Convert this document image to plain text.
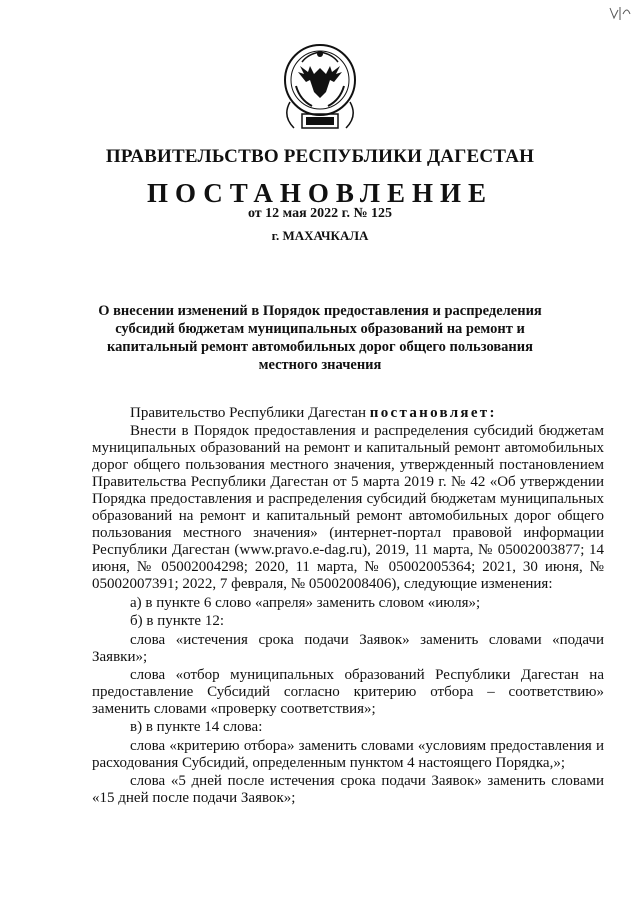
ПРАВИТЕЛЬСТВО РЕСПУБЛИКИ ДАГЕСТАН
ПОСТАНОВЛЕНИЕ
от 12 мая 2022 г. № 125
г. МАХАЧКАЛА
О внесении изменений в Порядок предоставления и распределения субсидий бюджетам муниципальных образований на ремонт и капитальный ремонт автомобильных дорог общего пользования местного значения

Правительство Республики Дагестан постановляет:

Внести в Порядок предоставления и распределения субсидий бюджетам муниципальных образований на ремонт и капитальный ремонт автомобильных дорог общего пользования местного значения, утвержденный постановлением Правительства Республики Дагестан от 5 марта 2019 г. № 42 «Об утверждении Порядка предоставления и распределения субсидий бюджетам муниципальных образований на ремонт и капитальный ремонт автомобильных дорог общего пользования местного значения» (интернет-портал правовой информации Республики Дагестан (www.pravo.e-dag.ru), 2019, 11 марта, № 05002003877; 14 июня, № 05002004298; 2020, 11 марта, № 05002005364; 2021, 30 июня, № 05002007391; 2022, 7 февраля, № 05002008406), следующие изменения:

а) в пункте 6 слово «апреля» заменить словом «июля»;

б) в пункте 12:

слова «истечения срока подачи Заявок» заменить словами «подачи Заявки»;

слова «отбор муниципальных образований Республики Дагестан на предоставление Субсидий согласно критерию отбора – соответствию» заменить словами «проверку соответствия»;

в) в пункте 14 слова:

слова «критерию отбора» заменить словами «условиям предоставления и расходования Субсидий, определенным пунктом 4 настоящего Порядка,»;

слова «5 дней после истечения срока подачи Заявок» заменить словами «15 дней после подачи Заявок»;
